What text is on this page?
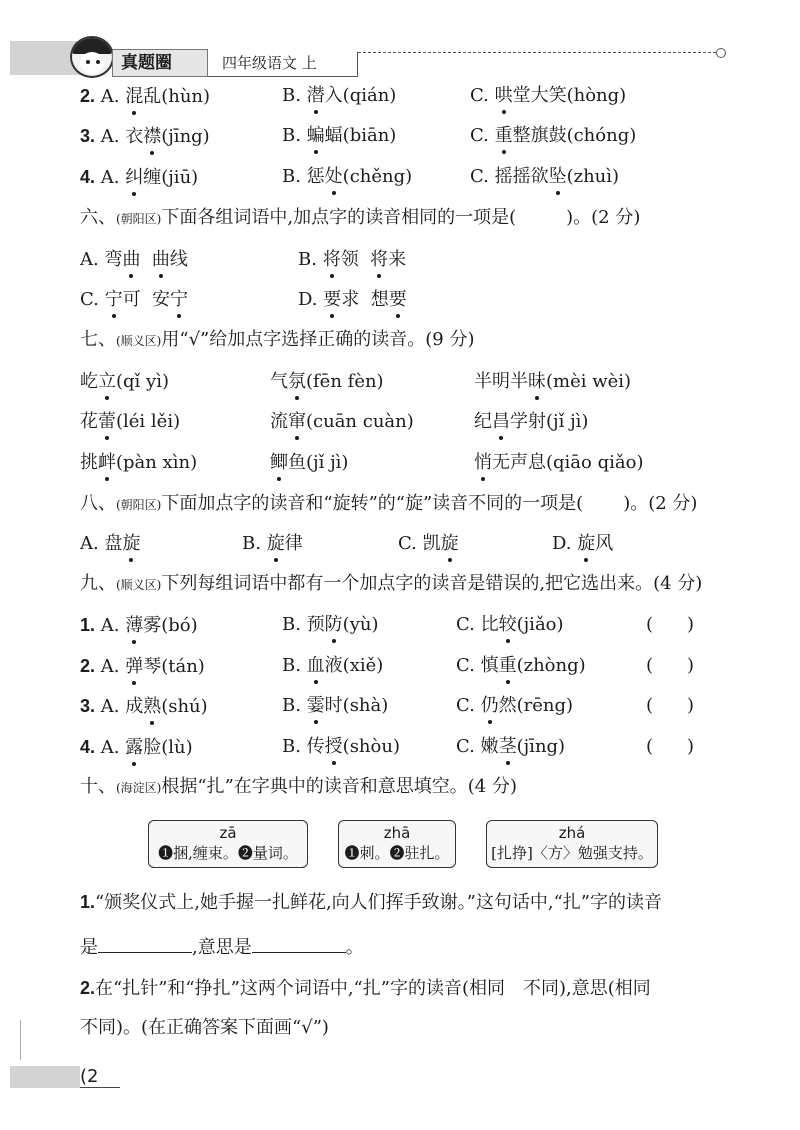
真题圈	四年级语文 上
2. A. 混乱(hùn)	B. 潜入(qián)	C. 哄堂大笑(hòng)
3. A. 衣襟(jīng)	B. 蝙蝠(biān)	C. 重整旗鼓(chóng)
4. A. 纠缠(jiū)	B. 惩处(chěng)	C. 摇摇欲坠(zhuì)
六、(朝阳区)下面各组词语中,加点字的读音相同的一项是(	)。(2 分)
A. 弯曲 曲线	B. 将领 将来
C. 宁可 安宁	D. 要求 想要
七、(顺义区)用“√”给加点字选择正确的读音。(9 分)
屹立(qǐ yì)	气氛(fēn fèn)	半明半昧(mèi wèi)
花蕾(léi lěi)	流窜(cuān cuàn)	纪昌学射(jǐ jì)
挑衅(pàn xìn)	鲫鱼(jǐ jì)	悄无声息(qiāo qiǎo)
八、(朝阳区)下面加点字的读音和“旋转”的“旋”读音不同的一项是( )。(2 分)
A. 盘旋	B. 旋律	C. 凯旋	D. 旋风
九、(顺义区)下列每组词语中都有一个加点字的读音是错误的,把它选出来。(4 分)
1. A. 薄雾(bó)	B. 预防(yù)	C. 比较(jiǎo)	( )
2. A. 弹琴(tán)	B. 血液(xiě)	C. 慎重(zhòng)	( )
3. A. 成熟(shú)	B. 霎时(shà)	C. 仍然(rēng)	( )
4. A. 露脸(lù)	B. 传授(shòu)	C. 嫩茎(jīng)	( )
十、(海淀区)根据“扎”在字典中的读音和意思填空。(4 分)
zā
❶捆,缠束。❷量词。
zhā
❶刺。❷驻扎。
zhá
[扎挣]〈方〉勉强支持。
1.“颁奖仪式上,她手握一扎鲜花,向人们挥手致谢。”这句话中,“扎”字的读音
是	,意思是	。
2.在“扎针”和“挣扎”这两个词语中,“扎”字的读音(相同　不同),意思(相同
不同)。(在正确答案下面画“√”)
(2
